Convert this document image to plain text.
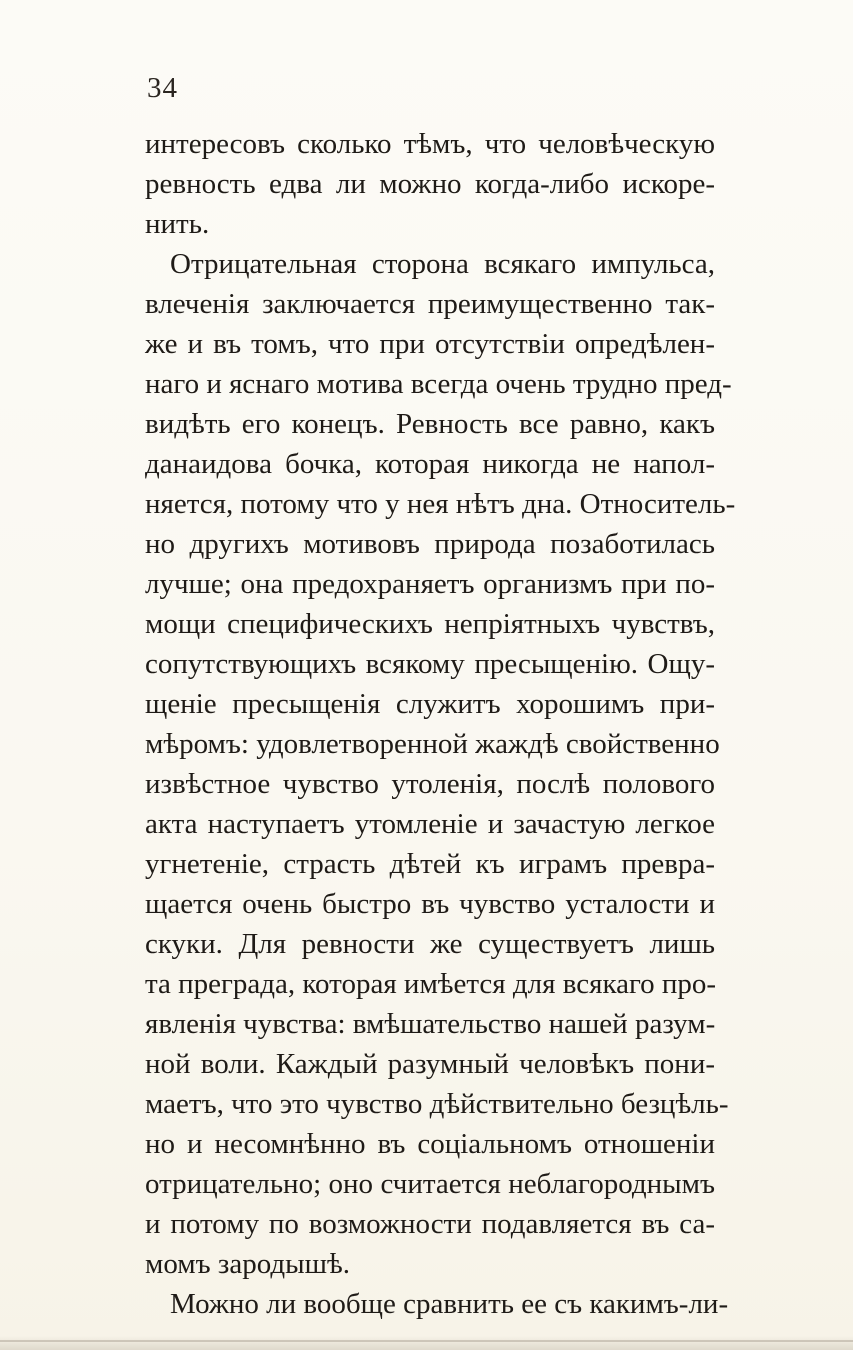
34
интересовъ сколько тѣмъ, что человѣческую
ревность едва ли можно когда-либо искоре-
нить.
Отрицательная сторона всякаго импульса,
влеченія заключается преимущественно так-
же и въ томъ, что при отсутствіи опредѣлен-
наго и яснаго мотива всегда очень трудно пред-
видѣть его конецъ. Ревность все равно, какъ
данаидова бочка, которая никогда не напол-
няется, потому что у нея нѣтъ дна. Относитель-
но другихъ мотивовъ природа позаботилась
лучше; она предохраняетъ организмъ при по-
мощи специфическихъ непріятныхъ чувствъ,
сопутствующихъ всякому пресыщенію. Ощу-
щеніе пресыщенія служитъ хорошимъ при-
мѣромъ: удовлетворенной жаждѣ свойственно
извѣстное чувство утоленія, послѣ полового
акта наступаетъ утомленіе и зачастую легкое
угнетеніе, страсть дѣтей къ играмъ превра-
щается очень быстро въ чувство усталости и
скуки. Для ревности же существуетъ лишь
та преграда, которая имѣется для всякаго про-
явленія чувства: вмѣшательство нашей разум-
ной воли. Каждый разумный человѣкъ пони-
маетъ, что это чувство дѣйствительно безцѣль-
но и несомнѣнно въ соціальномъ отношеніи
отрицательно; оно считается неблагороднымъ
и потому по возможности подавляется въ са-
момъ зародышѣ.
Можно ли вообще сравнить ее съ какимъ-ли-
